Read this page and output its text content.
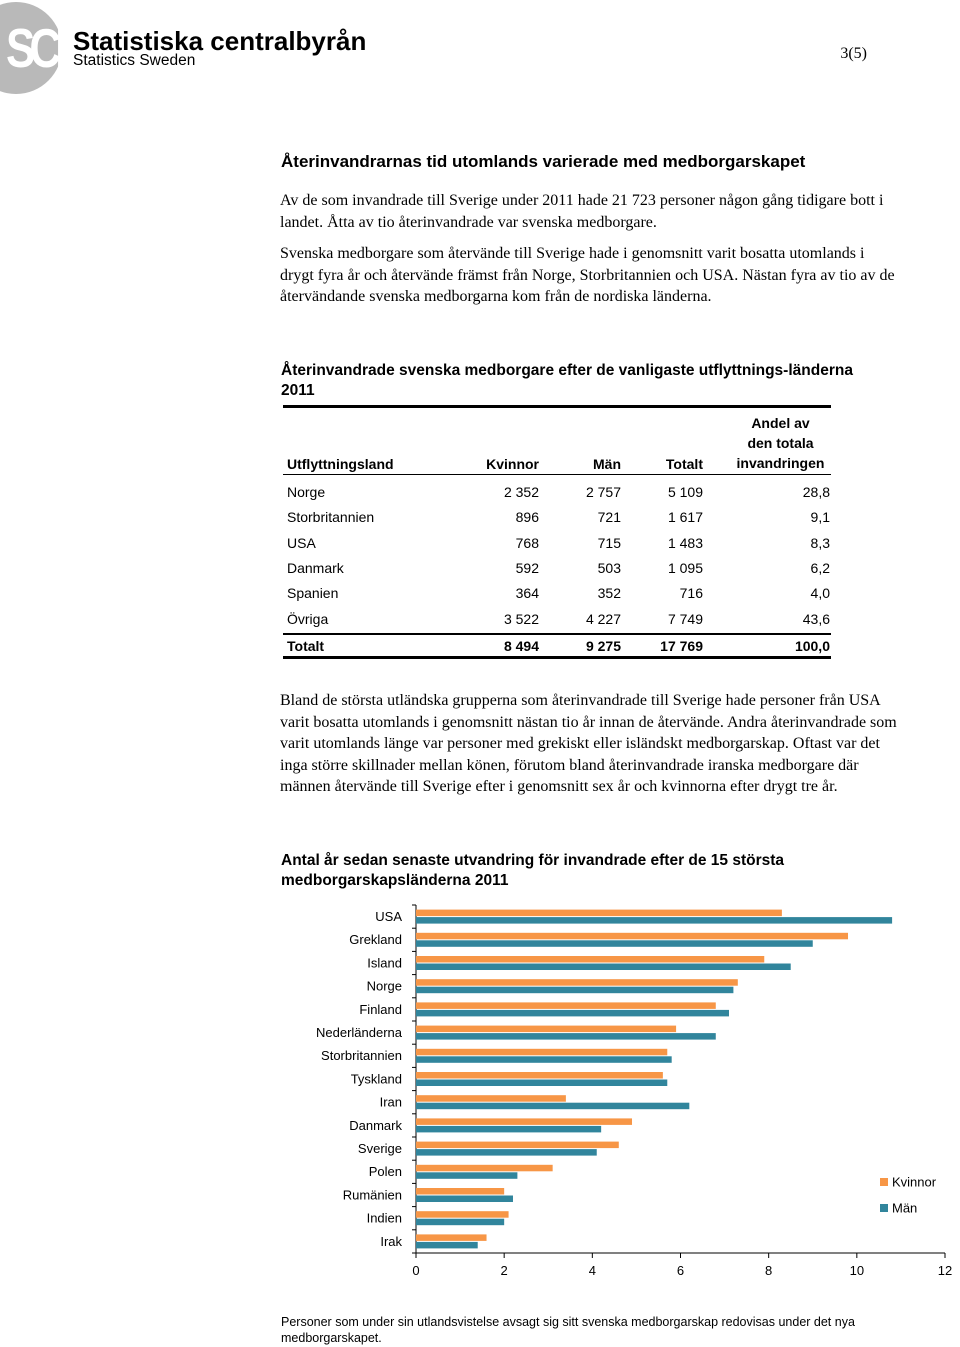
SCB
Statistiska centralbyrån
Statistics Sweden	3(5)
Återinvandrarnas tid utomlands varierade med medborgarskapet
Av de som invandrade till Sverige under 2011 hade 21 723 personer någon gång tidigare bott i landet. Åtta av tio återinvandrade var svenska medborgare.
Svenska medborgare som återvände till Sverige hade i genomsnitt varit bosatta utomlands i drygt fyra år och återvände främst från Norge, Storbritannien och USA. Nästan fyra av tio av de återvändande svenska medborgarna kom från de nordiska länderna.
Återinvandrade svenska medborgare efter de vanligaste utflyttnings-länderna 2011
Utflyttningsland	Kvinnor	Män	Totalt
Andel av
den totala
invandringen
Norge	2 352	2 757	5 109	28,8
Storbritannien	896	721	1 617	9,1
USA	768	715	1 483	8,3
Danmark	592	503	1 095	6,2
Spanien	364	352	716	4,0
Övriga	3 522	4 227	7 749	43,6
Totalt	8 494	9 275	17 769	100,0
Bland de största utländska grupperna som återinvandrade till Sverige hade personer från USA varit bosatta utomlands i genomsnitt nästan tio år innan de återvände. Andra återinvandrade som varit utomlands länge var personer med grekiskt eller isländskt medborgarskap. Oftast var det inga större skillnader mellan könen, förutom bland återinvandrade iranska medborgare där männen återvände till Sverige efter i genomsnitt sex år och kvinnorna efter drygt tre år.
Antal år sedan senaste utvandring för invandrade efter de 15 största medborgarskapsländerna 2011
USA
Grekland
Island
Norge
Finland
Nederländerna
Storbritannien
Tyskland
Iran
Danmark
Sverige
Polen
Rumänien
Indien
Irak
0	2	4	6	8	10	12
Kvinnor
Män
Personer som under sin utlandsvistelse avsagt sig sitt svenska medborgarskap redovisas under det nya medborgarskapet.
